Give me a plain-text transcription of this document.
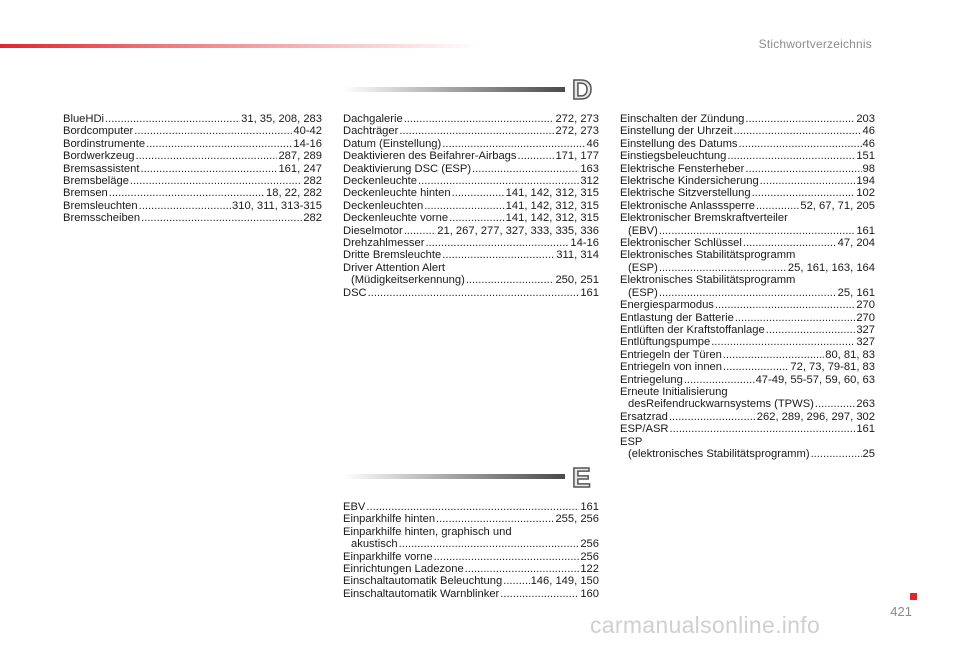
Stichwortverzeichnis
BlueHDi .....	31, 35, 208, 283
Bordcomputer .....	40-42
Bordinstrumente .....	14-16
Bordwerkzeug .....	287, 289
Bremsassistent .....	161, 247
Bremsbeläge .....	282
Bremsen .....	18, 22, 282
Bremsleuchten .....	310, 311, 313-315
Bremsscheiben .....	282
D
Dachgalerie .....	272, 273
Dachträger .....	272, 273
Datum (Einstellung) .....	46
Deaktivieren des Beifahrer-Airbags .....	171, 177
Deaktivierung DSC (ESP) .....	163
Deckenleuchte .....	312
Deckenleuchte hinten .....	141, 142, 312, 315
Deckenleuchten .....	141, 142, 312, 315
Deckenleuchte vorne .....	141, 142, 312, 315
Dieselmotor .....	21, 267, 277, 327, 333, 335, 336
Drehzahlmesser .....	14-16
Dritte Bremsleuchte .....	311, 314
Driver Attention Alert
(Müdigkeitserkennung) .....	250, 251
DSC .....	161
E
EBV .....	161
Einparkhilfe hinten .....	255, 256
Einparkhilfe hinten, graphisch und
akustisch .....	256
Einparkhilfe vorne .....	256
Einrichtungen Ladezone .....	122
Einschaltautomatik Beleuchtung .....	146, 149, 150
Einschaltautomatik Warnblinker .....	160
Einschalten der Zündung .....	203
Einstellung der Uhrzeit .....	46
Einstellung des Datums .....	46
Einstiegsbeleuchtung .....	151
Elektrische Fensterheber .....	98
Elektrische Kindersicherung .....	194
Elektrische Sitzverstellung .....	102
Elektronische Anlasssperre .....	52, 67, 71, 205
Elektronischer Bremskraftverteiler
(EBV) .....	161
Elektronischer Schlüssel .....	47, 204
Elektronisches Stabilitätsprogramm
(ESP) .....	25, 161, 163, 164
Elektronisches Stabilitätsprogramm
(ESP) .....	25, 161
Energiesparmodus .....	270
Entlastung der Batterie .....	270
Entlüften der Kraftstoffanlage .....	327
Entlüftungspumpe .....	327
Entriegeln der Türen .....	80, 81, 83
Entriegeln von innen .....	72, 73, 79-81, 83
Entriegelung .....	47-49, 55-57, 59, 60, 63
Erneute Initialisierung
desReifendruckwarnsystems (TPWS) .....	263
Ersatzrad .....	262, 289, 296, 297, 302
ESP/ASR .....	161
ESP
(elektronisches Stabilitätsprogramm) .....	25
421
carmanualsonline.info
